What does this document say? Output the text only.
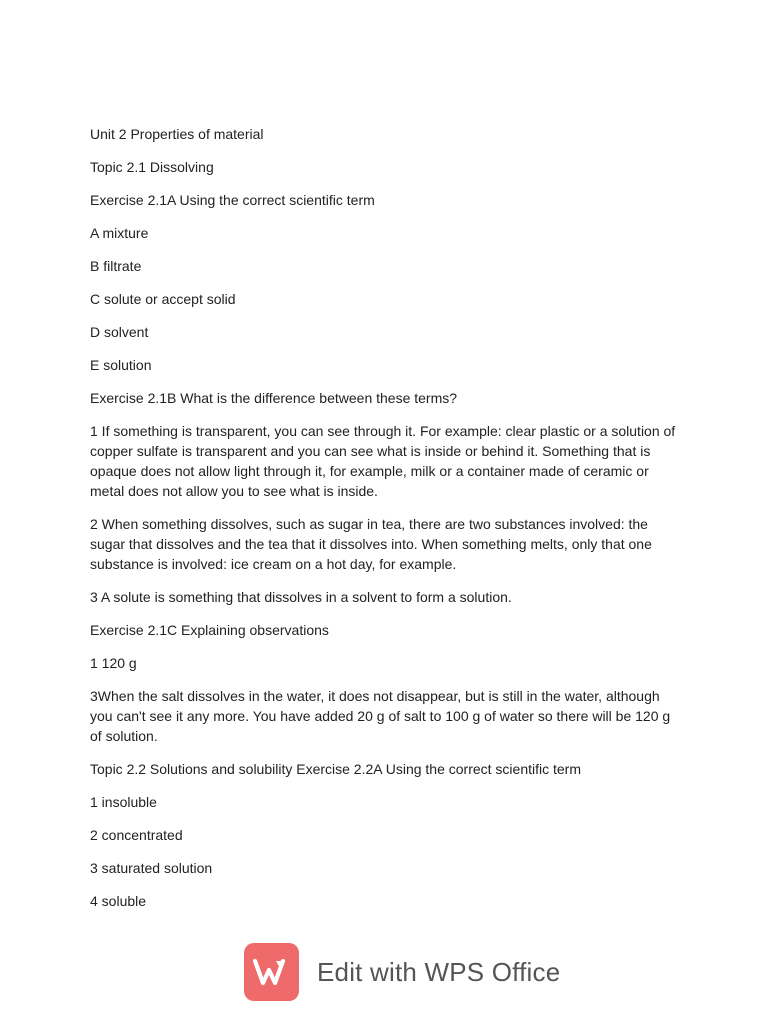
Unit 2 Properties of material

Topic 2.1 Dissolving

Exercise 2.1A Using the correct scientific term

A mixture

B filtrate

C solute or accept solid

D solvent

E solution

Exercise 2.1B What is the difference between these terms?

1 If something is transparent, you can see through it. For example: clear plastic or a solution of copper sulfate is transparent and you can see what is inside or behind it. Something that is opaque does not allow light through it, for example, milk or a container made of ceramic or metal does not allow you to see what is inside.

2 When something dissolves, such as sugar in tea, there are two substances involved: the sugar that dissolves and the tea that it dissolves into. When something melts, only that one substance is involved: ice cream on a hot day, for example.

3 A solute is something that dissolves in a solvent to form a solution.

Exercise 2.1C Explaining observations

1 120 g

3When the salt dissolves in the water, it does not disappear, but is still in the water, although you can't see it any more. You have added 20 g of salt to 100 g of water so there will be 120 g of solution.

Topic 2.2 Solutions and solubility Exercise 2.2A Using the correct scientific term

1 insoluble

2 concentrated

3 saturated solution

4 soluble

Edit with WPS Office
